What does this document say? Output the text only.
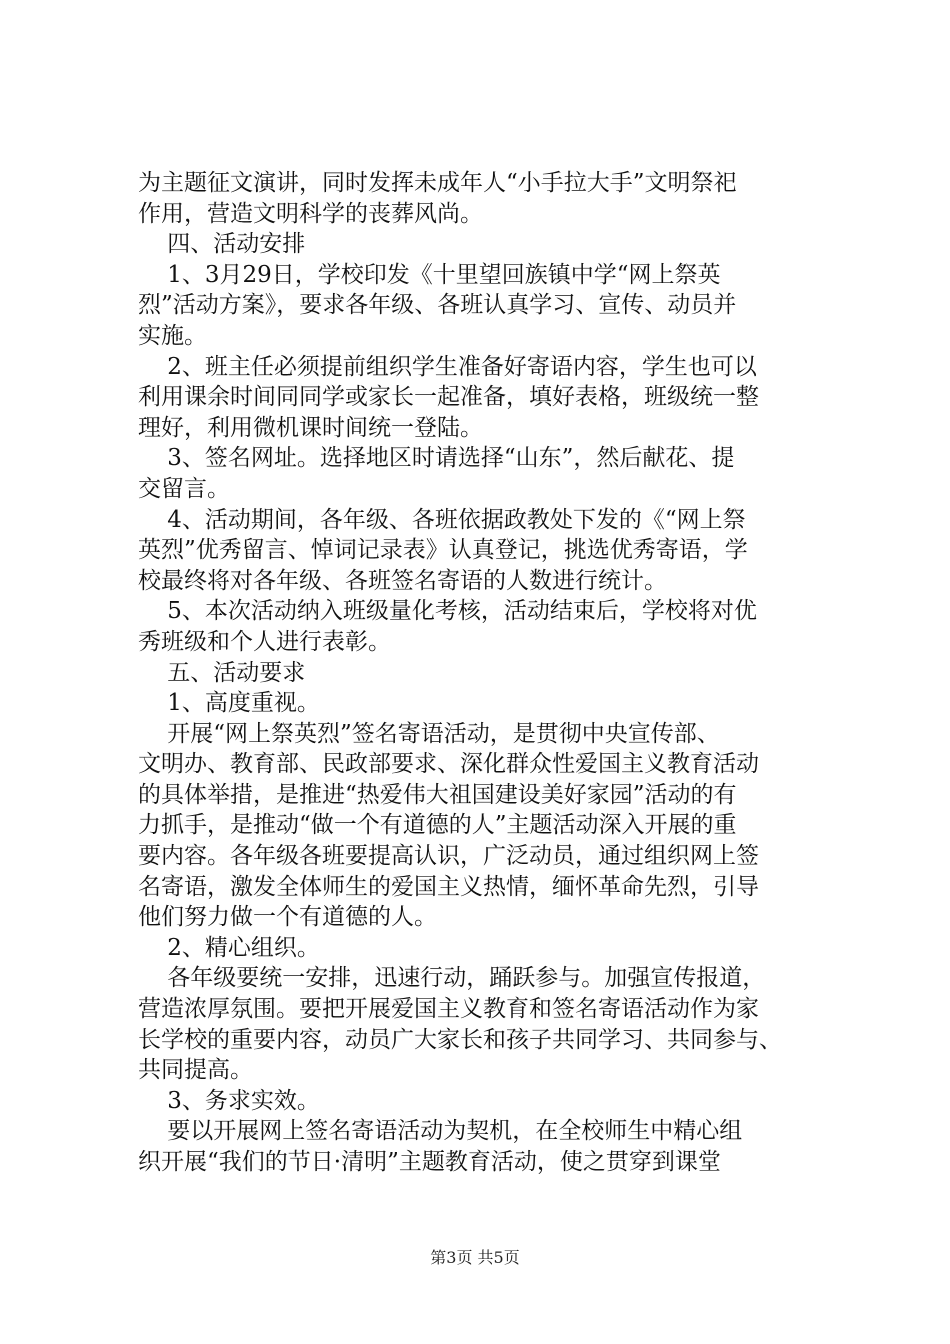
为主题征文演讲，同时发挥未成年人“小手拉大手”文明祭祀
作用，营造文明科学的丧葬风尚。
四、活动安排
1、3月29日，学校印发《十里望回族镇中学“网上祭英
烈”活动方案》，要求各年级、各班认真学习、宣传、动员并
实施。
2、班主任必须提前组织学生准备好寄语内容，学生也可以
利用课余时间同同学或家长一起准备，填好表格，班级统一整
理好，利用微机课时间统一登陆。
3、签名网址。选择地区时请选择“山东”，然后献花、提
交留言。
4、活动期间，各年级、各班依据政教处下发的《“网上祭
英烈”优秀留言、悼词记录表》认真登记，挑选优秀寄语，学
校最终将对各年级、各班签名寄语的人数进行统计。
5、本次活动纳入班级量化考核，活动结束后，学校将对优
秀班级和个人进行表彰。
五、活动要求
1、高度重视。
开展“网上祭英烈”签名寄语活动，是贯彻中央宣传部、
文明办、教育部、民政部要求、深化群众性爱国主义教育活动
的具体举措，是推进“热爱伟大祖国建设美好家园”活动的有
力抓手，是推动“做一个有道德的人”主题活动深入开展的重
要内容。各年级各班要提高认识，广泛动员，通过组织网上签
名寄语，激发全体师生的爱国主义热情，缅怀革命先烈，引导
他们努力做一个有道德的人。
2、精心组织。
各年级要统一安排，迅速行动，踊跃参与。加强宣传报道，
营造浓厚氛围。要把开展爱国主义教育和签名寄语活动作为家
长学校的重要内容，动员广大家长和孩子共同学习、共同参与、
共同提高。
3、务求实效。
要以开展网上签名寄语活动为契机，在全校师生中精心组
织开展“我们的节日·清明”主题教育活动，使之贯穿到课堂
第3页 共5页
